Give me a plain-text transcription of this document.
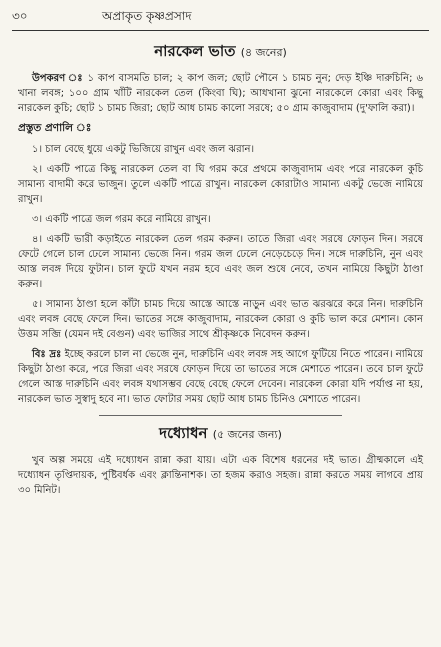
৩০	অপ্রাকৃত কৃষ্ণপ্রসাদ
নারকেল ভাত (৪ জনের)

উপকরণ ঃ ১ কাপ বাসমতি চাল; ২ কাপ জল; ছোট পৌনে ১ চামচ নুন; দেড় ইঞ্চি দারুচিনি; ৬ খানা লবঙ্গ; ১০০ গ্রাম খাঁটি নারকেল তেল (কিংবা ঘি); আধখানা ঝুনো নারকেলে কোরা এবং কিছু নারকেল কুচি; ছোট ১ চামচ জিরা; ছোট আধ চামচ কালো সরষে; ৫০ গ্রাম কাজুবাদাম (দু'ফালি করা)।

প্রস্তুত প্রণালি ঃ

১। চাল বেছে ধুয়ে একটু ভিজিয়ে রাখুন এবং জল ঝরান।

২। একটি পাত্রে কিছু নারকেল তেল বা ঘি গরম করে প্রথমে কাজুবাদাম এবং পরে নারকেল কুচি সামান্য বাদামী করে ভাজুন। তুলে একটি পাত্রে রাখুন। নারকেল কোরাটাও সামান্য একটু ভেজে নামিয়ে রাখুন।

৩। একটি পাত্রে জল গরম করে নামিয়ে রাখুন।

৪। একটি ভারী কড়াইতে নারকেল তেল গরম করুন। তাতে জিরা এবং সরষে ফোড়ন দিন। সরষে ফেটে গেলে চাল ঢেলে সামান্য ভেজে নিন। গরম জল ঢেলে নেড়েচেড়ে দিন। সঙ্গে দারুচিনি, নুন এবং আস্ত লবঙ্গ দিয়ে ফুটান। চাল ফুটে যখন নরম হবে এবং জল শুষে নেবে, তখন নামিয়ে কিছুটা ঠাণ্ডা করুন।

৫। সামান্য ঠাণ্ডা হলে কাঁটা চামচ দিয়ে আস্তে আস্তে নাড়ুন এবং ভাত ঝরঝরে করে নিন। দারুচিনি এবং লবঙ্গ বেছে ফেলে দিন। ভাতের সঙ্গে কাজুবাদাম, নারকেল কোরা ও কুচি ভাল করে মেশান। কোন উত্তম সব্জি (যেমন দই বেগুন) এবং ভাজির সাথে শ্রীকৃষ্ণকে নিবেদন করুন।

বিঃ দ্রঃ ইচ্ছে করলে চাল না ভেজে নুন, দারুচিনি এবং লবঙ্গ সহ আগে ফুটিয়ে নিতে পারেন। নামিয়ে কিছুটা ঠাণ্ডা করে, পরে জিরা এবং সরষে ফোড়ন দিয়ে তা ভাতের সঙ্গে মেশাতে পারেন। তবে চাল ফুটে গেলে আস্ত দারুচিনি এবং লবঙ্গ যথাসম্ভব বেছে বেছে ফেলে দেবেন। নারকেল কোরা যদি পর্যাপ্ত না হয়, নারকেল ভাত সুস্বাদু হবে না। ভাত ফোটার সময় ছোট আধ চামচ চিনিও মেশাতে পারেন।

দধ্যোধন (৫ জনের জন্য)

খুব অল্প সময়ে এই দধ্যোধন রান্না করা যায়। এটা এক বিশেষ ধরনের দই ভাত। গ্রীষ্মকালে এই দধ্যোধন তৃপ্তিদায়ক, পুষ্টিবর্ধক এবং ক্লান্তিনাশক। তা হজম করাও সহজ। রান্না করতে সময় লাগবে প্রায় ৩০ মিনিট।
